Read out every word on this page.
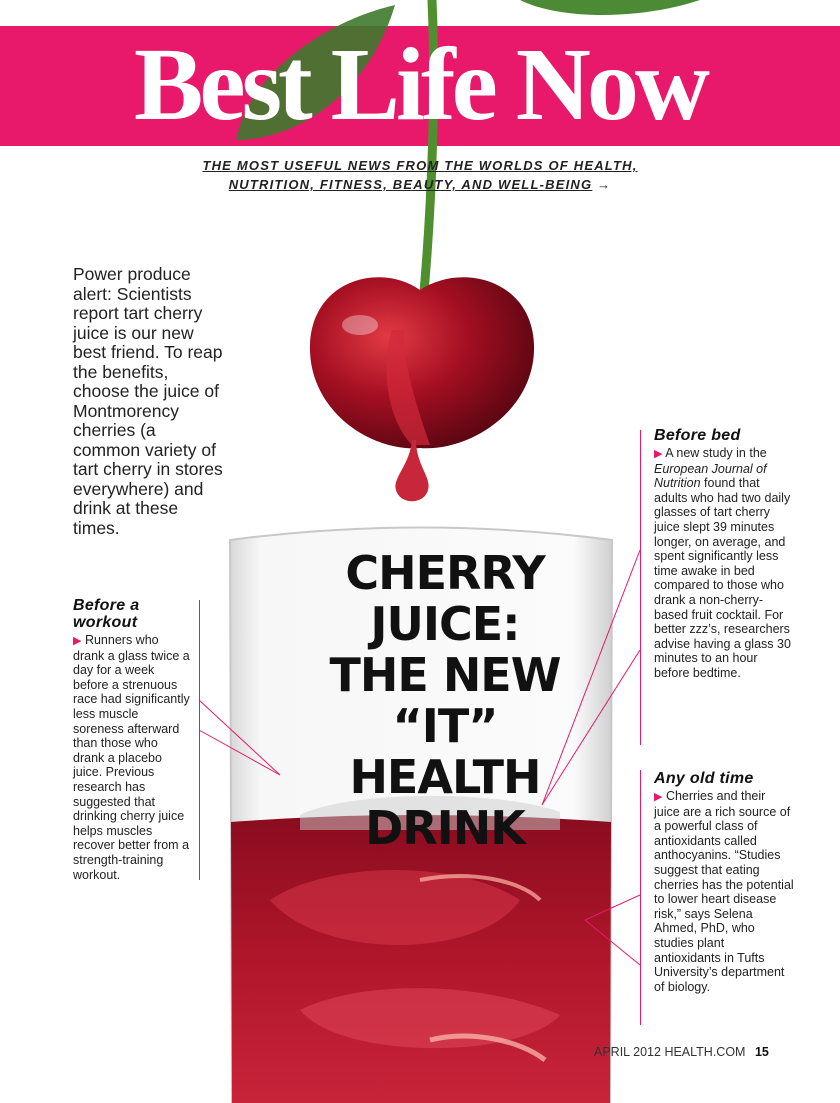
Best Life Now
THE MOST USEFUL NEWS FROM THE WORLDS OF HEALTH,
NUTRITION, FITNESS, BEAUTY, AND WELL-BEING →
Power produce alert: Scientists report tart cherry juice is our new best friend. To reap the benefits, choose the juice of Montmorency cherries (a common variety of tart cherry in stores everywhere) and drink at these times.
CHERRY
JUICE:
THE NEW
“IT” HEALTH
DRINK
Before a workout
▶ Runners who drank a glass twice a day for a week before a strenuous race had significantly less muscle soreness afterward than those who drank a placebo juice. Previous research has suggested that drinking cherry juice helps muscles recover better from a strength-training workout.
Before bed
▶ A new study in the European Journal of Nutrition found that adults who had two daily glasses of tart cherry juice slept 39 minutes longer, on average, and spent significantly less time awake in bed compared to those who drank a non-cherry-based fruit cocktail. For better zzz’s, researchers advise having a glass 30 minutes to an hour before bedtime.
Any old time
▶ Cherries and their juice are a rich source of a powerful class of antioxidants called anthocyanins. “Studies suggest that eating cherries has the potential to lower heart disease risk,” says Selena Ahmed, PhD, who studies plant antioxidants in Tufts University’s department of biology.
APRIL 2012 HEALTH.COM 15
